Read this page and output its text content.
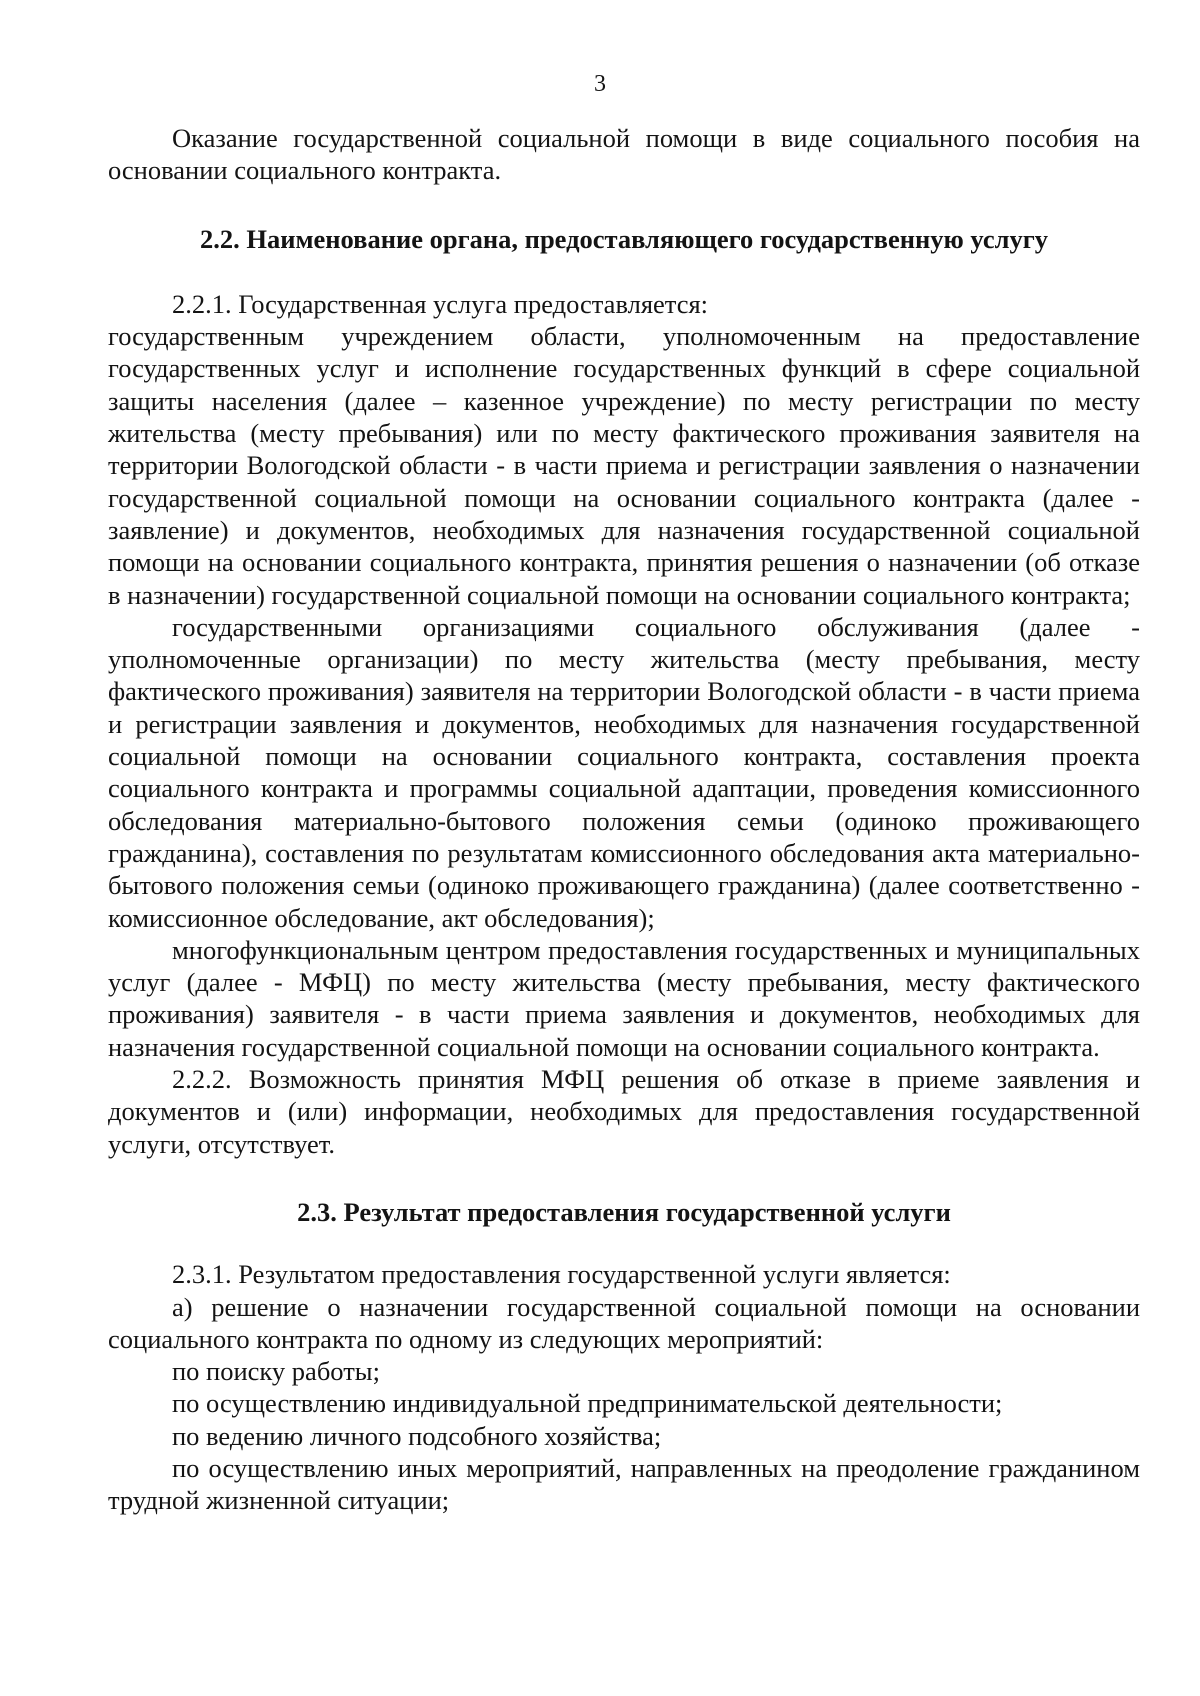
3

Оказание государственной социальной помощи в виде социального пособия на основании социального контракта.

2.2. Наименование органа, предоставляющего государственную услугу

2.2.1. Государственная услуга предоставляется:

государственным учреждением области, уполномоченным на предоставление государственных услуг и исполнение государственных функций в сфере социальной защиты населения (далее – казенное учреждение) по месту регистрации по месту жительства (месту пребывания) или по месту фактического проживания заявителя на территории Вологодской области - в части приема и регистрации заявления о назначении государственной социальной помощи на основании социального контракта (далее - заявление) и документов, необходимых для назначения государственной социальной помощи на основании социального контракта, принятия решения о назначении (об отказе в назначении) государственной социальной помощи на основании социального контракта;

государственными организациями социального обслуживания (далее - уполномоченные организации) по месту жительства (месту пребывания, месту фактического проживания) заявителя на территории Вологодской области - в части приема и регистрации заявления и документов, необходимых для назначения государственной социальной помощи на основании социального контракта, составления проекта социального контракта и программы социальной адаптации, проведения комиссионного обследования материально-бытового положения семьи (одиноко проживающего гражданина), составления по результатам комиссионного обследования акта материально-бытового положения семьи (одиноко проживающего гражданина) (далее соответственно - комиссионное обследование, акт обследования);

многофункциональным центром предоставления государственных и муниципальных услуг (далее - МФЦ) по месту жительства (месту пребывания, месту фактического проживания) заявителя - в части приема заявления и документов, необходимых для назначения государственной социальной помощи на основании социального контракта.

2.2.2. Возможность принятия МФЦ решения об отказе в приеме заявления и документов и (или) информации, необходимых для предоставления государственной услуги, отсутствует.

2.3. Результат предоставления государственной услуги

2.3.1. Результатом предоставления государственной услуги является:

а) решение о назначении государственной социальной помощи на основании социального контракта по одному из следующих мероприятий:

по поиску работы;

по осуществлению индивидуальной предпринимательской деятельности;

по ведению личного подсобного хозяйства;

по осуществлению иных мероприятий, направленных на преодоление гражданином трудной жизненной ситуации;
